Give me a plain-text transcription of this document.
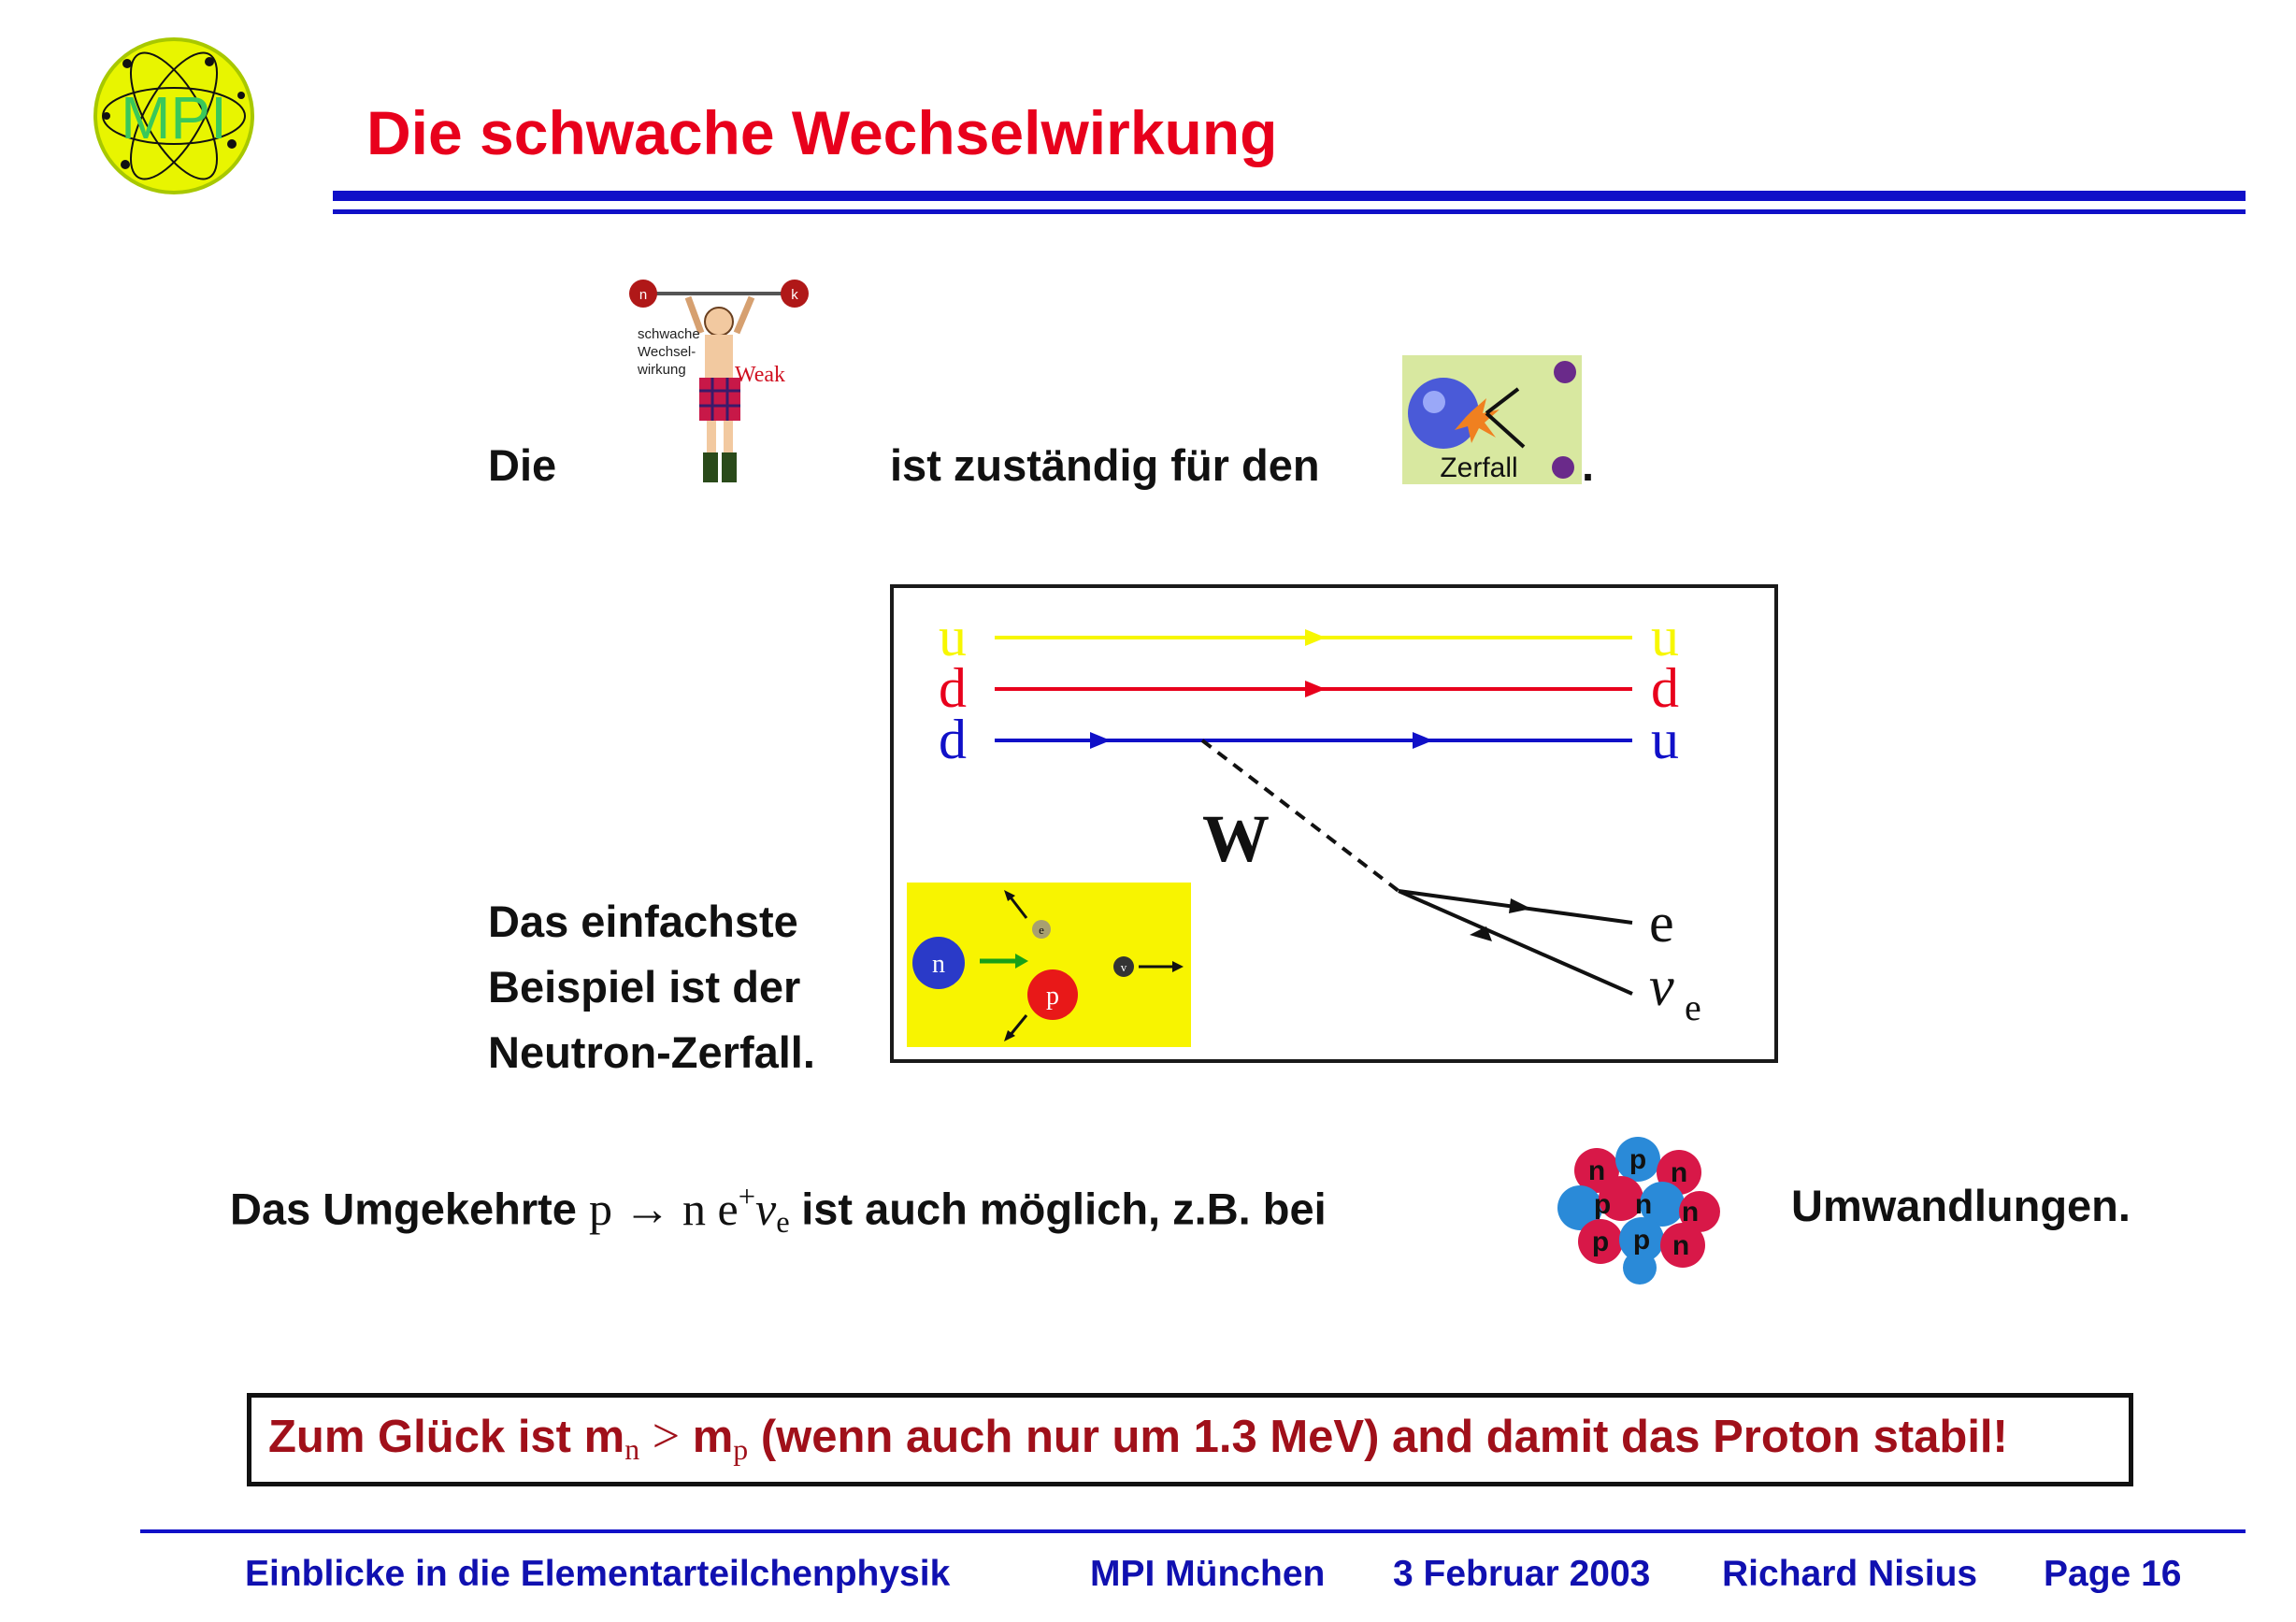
MPI Die schwache Wechselwirkung
Die
n	k
schwache
Wechsel-
wirkung Weak
ist zuständig für den	Zerfall .
u
d
d
u
d
u
W
e
ν e
Das einfachste
Beispiel ist der
Neutron-Zerfall.
n
p
e
v
Das Umgekehrte p → n $e^+\nu_e$ ist auch möglich, z.B. bei
n p n
p n n
p p n
Umwandlungen.
Zum Glück ist $m_n > m_p$ (wenn auch nur um 1.3 MeV) and damit das Proton stabil!
Einblicke in die Elementarteilchenphysik	MPI München 3 Februar 2003 Richard Nisius Page 16
